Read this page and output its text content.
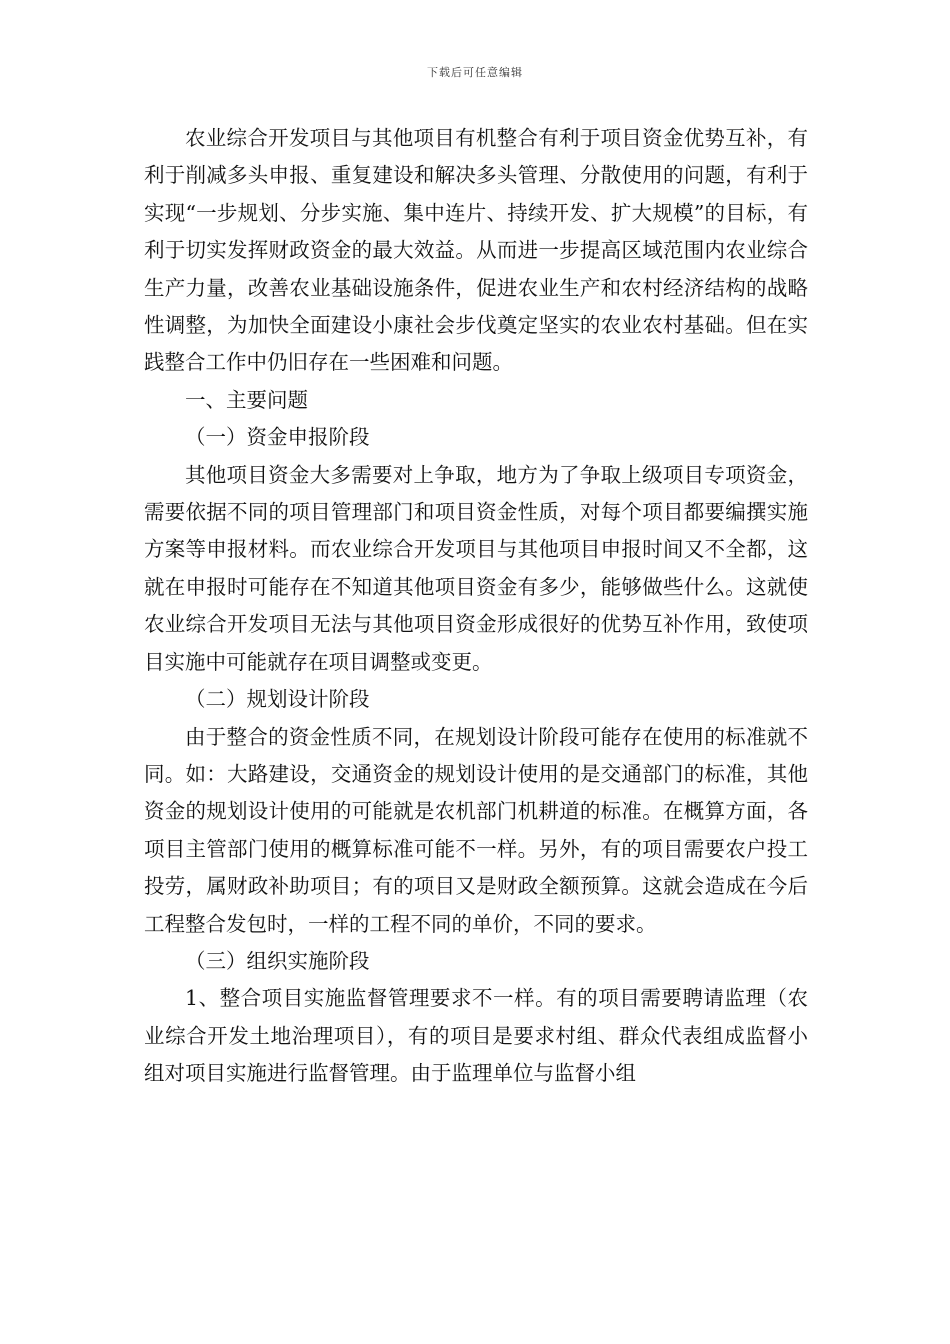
下载后可任意编辑

农业综合开发项目与其他项目有机整合有利于项目资金优势互补，有利于削减多头申报、重复建设和解决多头管理、分散使用的问题，有利于实现“一步规划、分步实施、集中连片、持续开发、扩大规模”的目标，有利于切实发挥财政资金的最大效益。从而进一步提高区域范围内农业综合生产力量，改善农业基础设施条件，促进农业生产和农村经济结构的战略性调整，为加快全面建设小康社会步伐奠定坚实的农业农村基础。但在实践整合工作中仍旧存在一些困难和问题。

一、主要问题

（一）资金申报阶段

其他项目资金大多需要对上争取，地方为了争取上级项目专项资金，需要依据不同的项目管理部门和项目资金性质，对每个项目都要编撰实施方案等申报材料。而农业综合开发项目与其他项目申报时间又不全都，这就在申报时可能存在不知道其他项目资金有多少，能够做些什么。这就使农业综合开发项目无法与其他项目资金形成很好的优势互补作用，致使项目实施中可能就存在项目调整或变更。

（二）规划设计阶段

由于整合的资金性质不同，在规划设计阶段可能存在使用的标准就不同。如：大路建设，交通资金的规划设计使用的是交通部门的标准，其他资金的规划设计使用的可能就是农机部门机耕道的标准。在概算方面，各项目主管部门使用的概算标准可能不一样。另外，有的项目需要农户投工投劳，属财政补助项目；有的项目又是财政全额预算。这就会造成在今后工程整合发包时，一样的工程不同的单价，不同的要求。

（三）组织实施阶段

1、整合项目实施监督管理要求不一样。有的项目需要聘请监理（农业综合开发土地治理项目），有的项目是要求村组、群众代表组成监督小组对项目实施进行监督管理。由于监理单位与监督小组
